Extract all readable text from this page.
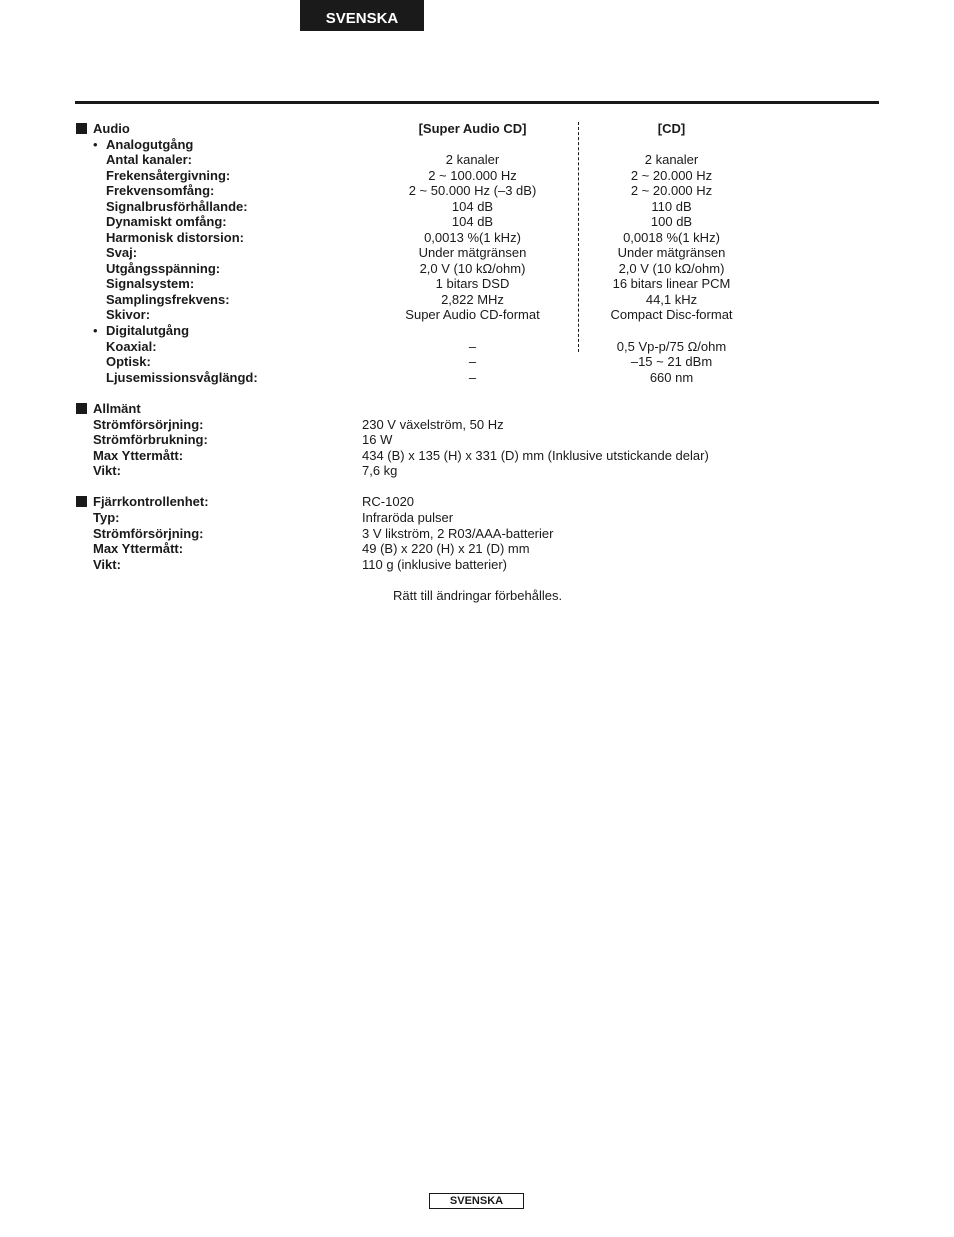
SVENSKA
Audio	[Super Audio CD]	[CD]
• Analogutgång
Antal kanaler:	2 kanaler	2 kanaler
Frekensåtergivning:	2 ~ 100.000 Hz	2 ~ 20.000 Hz
Frekvensomfång:	2 ~ 50.000 Hz (–3 dB)	2 ~ 20.000 Hz
Signalbrusförhållande:	104 dB	110 dB
Dynamiskt omfång:	104 dB	100 dB
Harmonisk distorsion:	0,0013 %(1 kHz)	0,0018 %(1 kHz)
Svaj:	Under mätgränsen	Under mätgränsen
Utgångsspänning:	2,0 V (10 kΩ/ohm)	2,0 V (10 kΩ/ohm)
Signalsystem:	1 bitars DSD	16 bitars linear PCM
Samplingsfrekvens:	2,822 MHz	44,1 kHz
Skivor:	Super Audio CD-format	Compact Disc-format
• Digitalutgång
Koaxial:	–	0,5 Vp-p/75 Ω/ohm
Optisk:	–	–15 ~ 21 dBm
Ljusemissionsvåglängd:	–	660 nm
Allmänt
Strömförsörjning:	230 V växelström, 50 Hz
Strömförbrukning:	16 W
Max Yttermått:	434 (B) x 135 (H) x 331 (D) mm (Inklusive utstickande delar)
Vikt:	7,6 kg
Fjärrkontrollenhet:	RC-1020
Typ:	Infraröda pulser
Strömförsörjning:	3 V likström, 2 R03/AAA-batterier
Max Yttermått:	49 (B) x 220 (H) x 21 (D) mm
Vikt:	110 g (inklusive batterier)
Rätt till ändringar förbehålles.
SVENSKA
